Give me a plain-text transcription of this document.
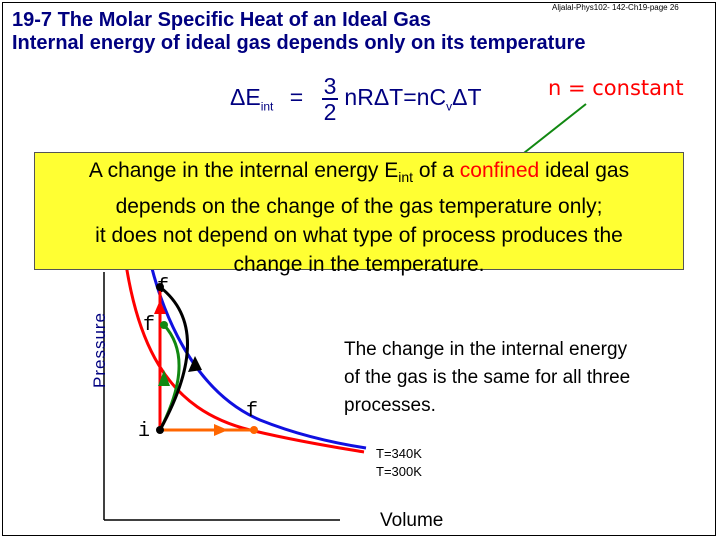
19-7 The Molar Specific Heat of an Ideal Gas
Internal energy of ideal gas depends only on its temperature
Aljalal-Phys102- 142-Ch19-page 26
$\Delta E_{int} = \frac{3}{2} nR\Delta T=nC_v\Delta T$	n = constant
A change in the internal energy $E_{int}$ of a confined ideal gas
depends on the change of the gas temperature only;
it does not depend on what type of process produces the
change in the temperature.
Pressure
f
f
i
f
The change in the internal energy of the gas is the same for all three processes.
T=340K
T=300K
Volume
